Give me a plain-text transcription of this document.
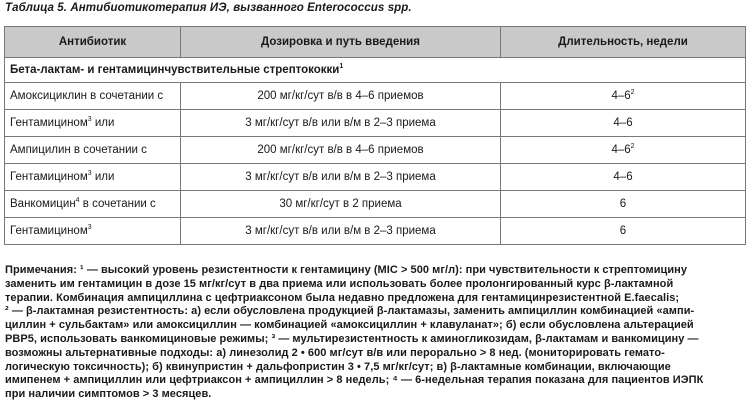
Таблица 5. Антибиотикотерапия ИЭ, вызванного Enterococcus spp.
Антибиотик	Дозировка и путь введения	Длительность, недели
Бета-лактам- и гентамицинчувствительные стрептококки$^1$
Амоксициклин в сочетании с	200 мг/кг/сут в/в в 4–6 приемов	$4-6^2$
Гентамицином$^3$ или	3 мг/кг/сут в/в или в/м в 2–3 приема	4–6
Ампицилин в сочетании с	200 мг/кг/сут в/в в 4–6 приемов	$4-6^2$
Гентамицином$^3$ или	3 мг/кг/сут в/в или в/м в 2–3 приема	4–6
Ванкомицин$^4$ в сочетании с	30 мг/кг/сут в 2 приема	6
Гентамицином$^3$	3 мг/кг/сут в/в или в/м в 2–3 приема	6

Примечания: ¹ — высокий уровень резистентности к гентамицину (MIC > 500 мг/л): при чувствительности к стрептомицину

заменить им гентамицин в дозе 15 мг/кг/сут в два приема или использовать более пролонгированный курс β-лактамной

терапии. Комбинация ампициллина с цефтриаксоном была недавно предложена для гентамицинрезистентной E.faecalis;

² — β-лактамная резистентность: а) если обусловлена продукцией β-лактамазы, заменить ампициллин комбинацией «ампи-

циллин + сульбактам» или амоксициллин — комбинацией «амоксициллин + клавуланат»; б) если обусловлена альтерацией

PBP5, использовать ванкомициновые режимы; ³ — мультирезистентность к аминогликозидам, β-лактамам и ванкомицину —

возможны альтернативные подходы: а) линезолид 2 • 600 мг/сут в/в или перорально > 8 нед. (мониторировать гемато-

логическую токсичность); б) квинупристин + дальфопристин 3 • 7,5 мг/кг/сут; в) β-лактамные комбинации, включающие

имипенем + ампициллин или цефтриаксон + ампициллин > 8 недель; ⁴ — 6-недельная терапия показана для пациентов ИЭПК

при наличии симптомов > 3 месяцев.
